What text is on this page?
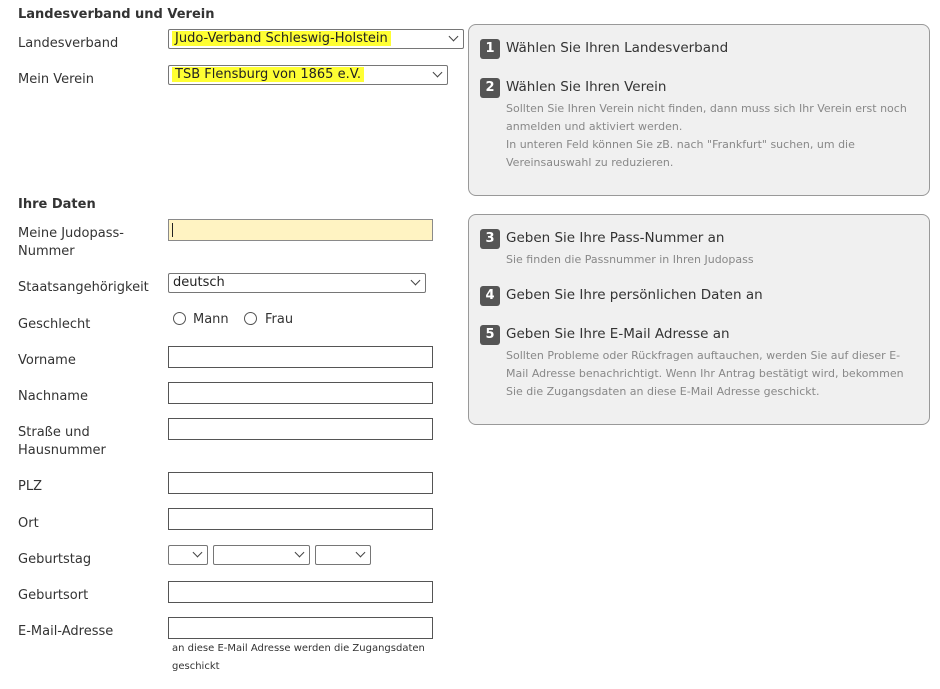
Landesverband und Verein
Landesverband	Judo-Verband Schleswig-Holstein
Mein Verein	TSB Flensburg von 1865 e.V.
1 Wählen Sie Ihren Landesverband
2 Wählen Sie Ihren Verein
Sollten Sie Ihren Verein nicht finden, dann muss sich Ihr Verein erst noch anmelden und aktiviert werden.
In unteren Feld können Sie zB. nach "Frankfurt" suchen, um die Vereinsauswahl zu reduzieren.
Ihre Daten
Meine Judopass-Nummer
Staatsangehörigkeit	deutsch
Geschlecht	Mann	Frau
Vorname
Nachname
Straße und Hausnummer
PLZ
Ort
Geburtstag
Geburtsort
E-Mail-Adresse
an diese E-Mail Adresse werden die Zugangsdaten geschickt
3 Geben Sie Ihre Pass-Nummer an
Sie finden die Passnummer in Ihren Judopass
4 Geben Sie Ihre persönlichen Daten an
5 Geben Sie Ihre E-Mail Adresse an
Sollten Probleme oder Rückfragen auftauchen, werden Sie auf dieser E-Mail Adresse benachrichtigt. Wenn Ihr Antrag bestätigt wird, bekommen Sie die Zugangsdaten an diese E-Mail Adresse geschickt.
